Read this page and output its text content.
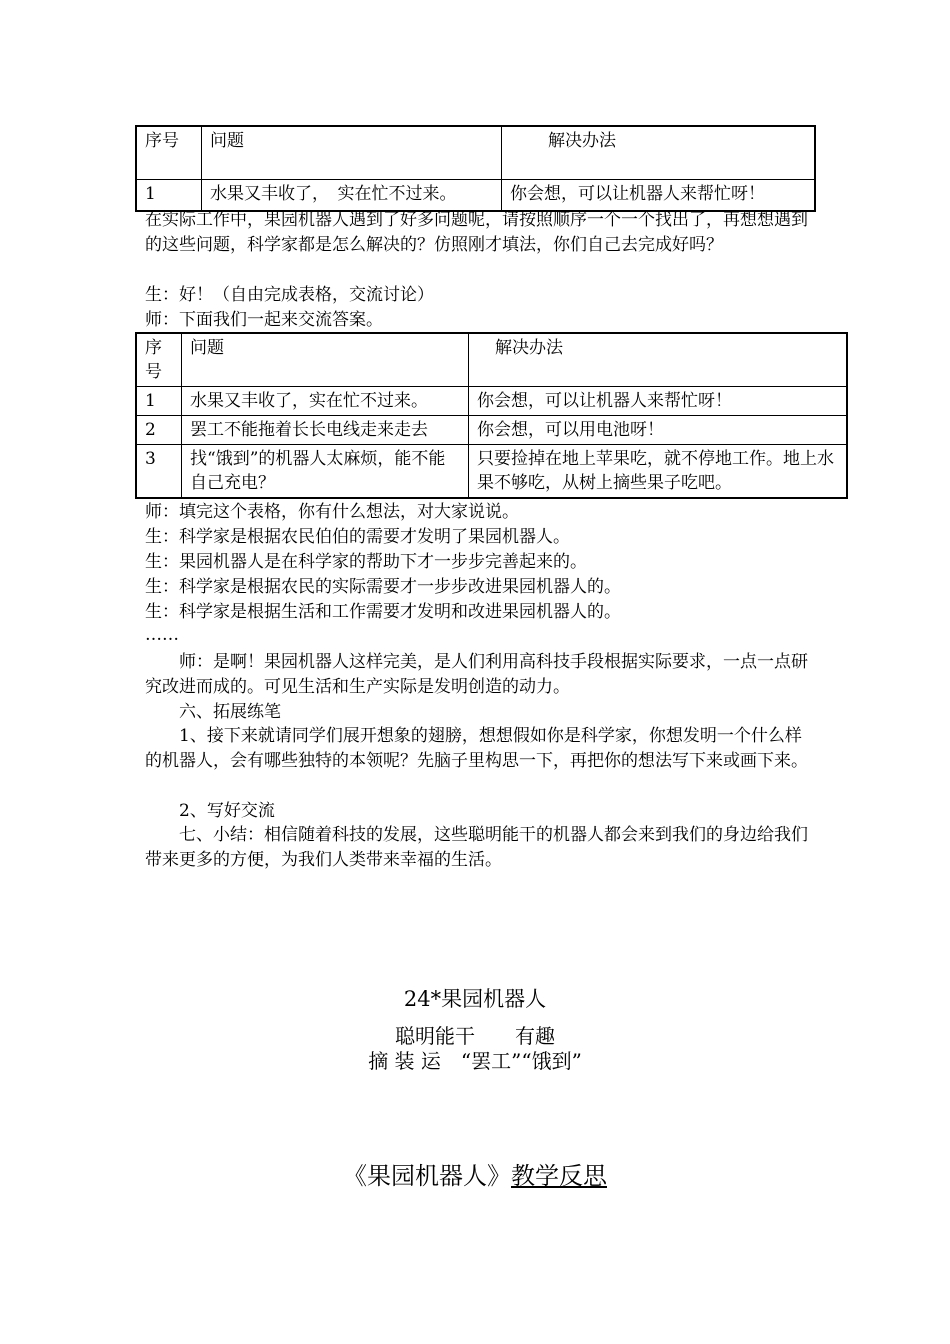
序号	问题	解决办法
1	水果又丰收了，　实在忙不过来。	你会想，可以让机器人来帮忙呀！
在实际工作中，果园机器人遇到了好多问题呢，请按照顺序一个一个找出了，再想想遇到的这些问题，科学家都是怎么解决的？仿照刚才填法，你们自己去完成好吗？
生：好！（自由完成表格，交流讨论）
师：下面我们一起来交流答案。
序号	问题	解决办法
1	水果又丰收了，实在忙不过来。	你会想，可以让机器人来帮忙呀！
2	罢工不能拖着长长电线走来走去	你会想，可以用电池呀！
3	找“饿到”的机器人太麻烦，能不能自己充电？	只要捡掉在地上苹果吃，就不停地工作。地上水果不够吃，从树上摘些果子吃吧。
师：填完这个表格，你有什么想法，对大家说说。
生：科学家是根据农民伯伯的需要才发明了果园机器人。
生：果园机器人是在科学家的帮助下才一步步完善起来的。
生：科学家是根据农民的实际需要才一步步改进果园机器人的。
生：科学家是根据生活和工作需要才发明和改进果园机器人的。
……
师：是啊！果园机器人这样完美，是人们利用高科技手段根据实际要求，一点一点研究改进而成的。可见生活和生产实际是发明创造的动力。
六、拓展练笔
1、接下来就请同学们展开想象的翅膀，想想假如你是科学家，你想发明一个什么样的机器人，会有哪些独特的本领呢？先脑子里构思一下，再把你的想法写下来或画下来。
2、写好交流
七、小结：相信随着科技的发展，这些聪明能干的机器人都会来到我们的身边给我们带来更多的方便，为我们人类带来幸福的生活。
24*果园机器人
聪明能干　　有趣
摘 装 运　“罢工”“饿到”
《果园机器人》教学反思
